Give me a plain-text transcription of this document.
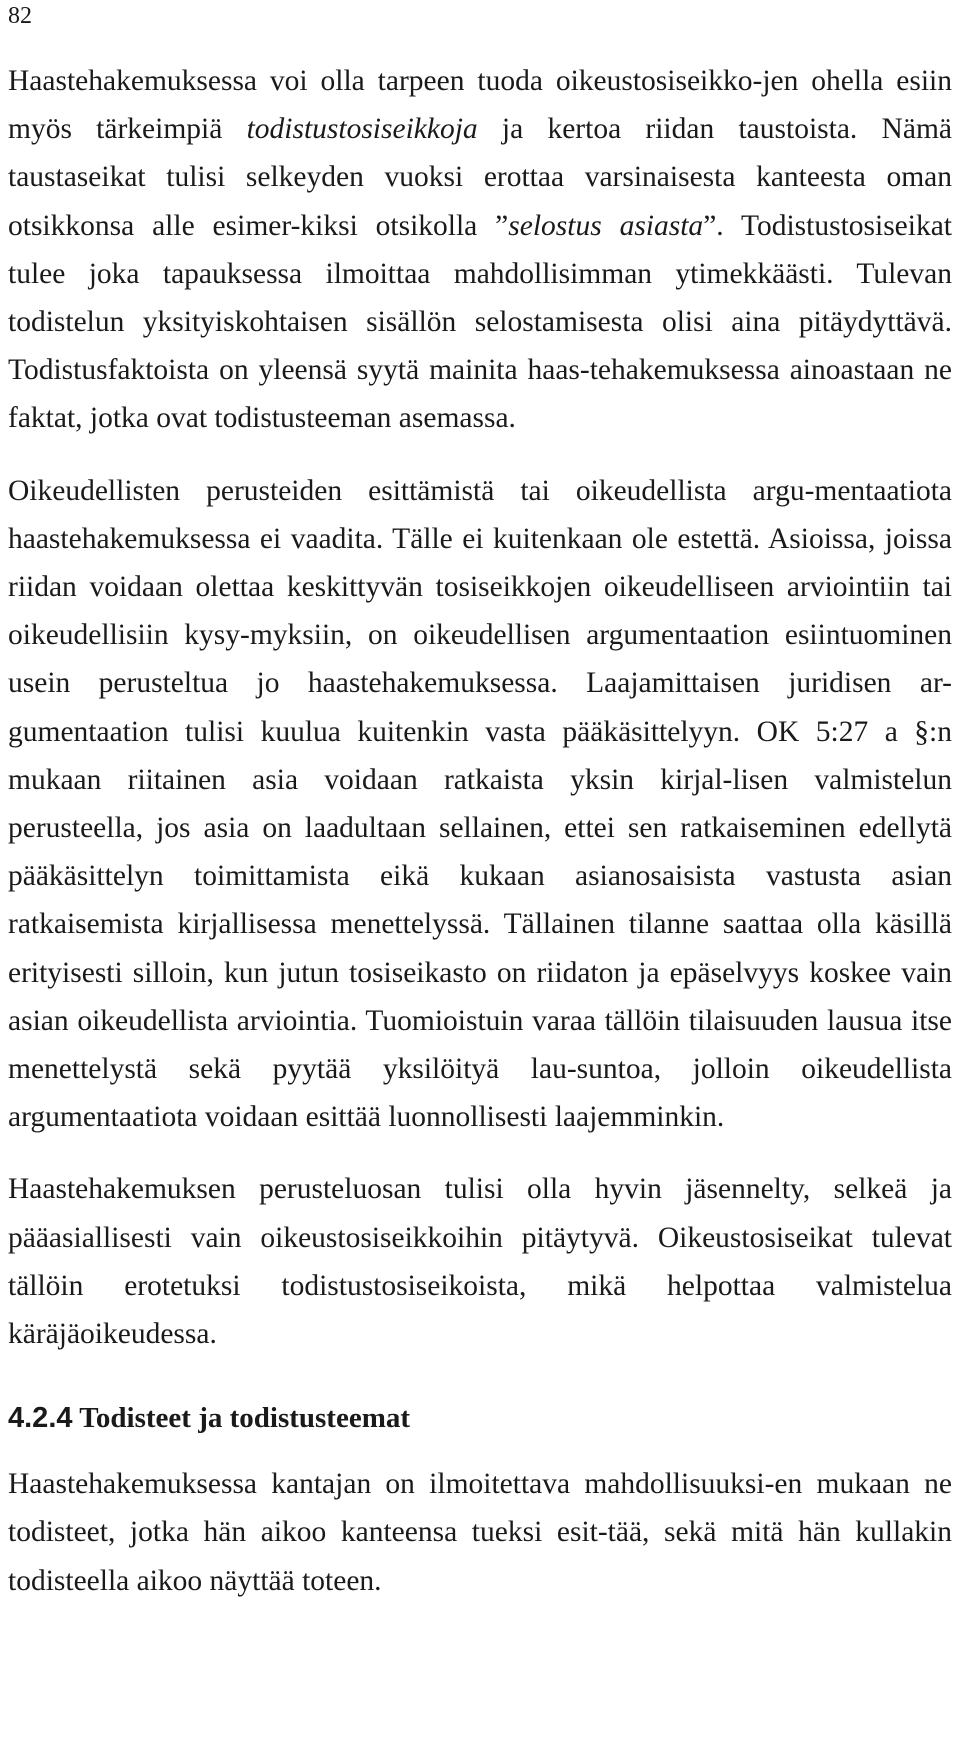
82

Haastehakemuksessa voi olla tarpeen tuoda oikeustosiseikko-jen ohella esiin myös tärkeimpiä todistustosiseikkoja ja kertoa riidan taustoista. Nämä taustaseikat tulisi selkeyden vuoksi erottaa varsinaisesta kanteesta oman otsikkonsa alle esimer-kiksi otsikolla ”selostus asiasta”. Todistustosiseikat tulee joka tapauksessa ilmoittaa mahdollisimman ytimekkäästi. Tulevan todistelun yksityiskohtaisen sisällön selostamisesta olisi aina pitäydyttävä. Todistusfaktoista on yleensä syytä mainita haas-tehakemuksessa ainoastaan ne faktat, jotka ovat todistusteeman asemassa.

Oikeudellisten perusteiden esittämistä tai oikeudellista argu-mentaatiota haastehakemuksessa ei vaadita. Tälle ei kuitenkaan ole estettä. Asioissa, joissa riidan voidaan olettaa keskittyvän tosiseikkojen oikeudelliseen arviointiin tai oikeudellisiin kysy-myksiin, on oikeudellisen argumentaation esiintuominen usein perusteltua jo haastehakemuksessa. Laajamittaisen juridisen ar-gumentaation tulisi kuulua kuitenkin vasta pääkäsittelyyn. OK 5:27 a §:n mukaan riitainen asia voidaan ratkaista yksin kirjal-lisen valmistelun perusteella, jos asia on laadultaan sellainen, ettei sen ratkaiseminen edellytä pääkäsittelyn toimittamista eikä kukaan asianosaisista vastusta asian ratkaisemista kirjallisessa menettelyssä. Tällainen tilanne saattaa olla käsillä erityisesti silloin, kun jutun tosiseikasto on riidaton ja epäselvyys koskee vain asian oikeudellista arviointia. Tuomioistuin varaa tällöin tilaisuuden lausua itse menettelystä sekä pyytää yksilöityä lau-suntoa, jolloin oikeudellista argumentaatiota voidaan esittää luonnollisesti laajemminkin.

Haastehakemuksen perusteluosan tulisi olla hyvin jäsennelty, selkeä ja pääasiallisesti vain oikeustosiseikkoihin pitäytyvä. Oikeustosiseikat tulevat tällöin erotetuksi todistustosiseikoista, mikä helpottaa valmistelua käräjäoikeudessa.

4.2.4 Todisteet ja todistusteemat

Haastehakemuksessa kantajan on ilmoitettava mahdollisuuksi-en mukaan ne todisteet, jotka hän aikoo kanteensa tueksi esit-tää, sekä mitä hän kullakin todisteella aikoo näyttää toteen.
